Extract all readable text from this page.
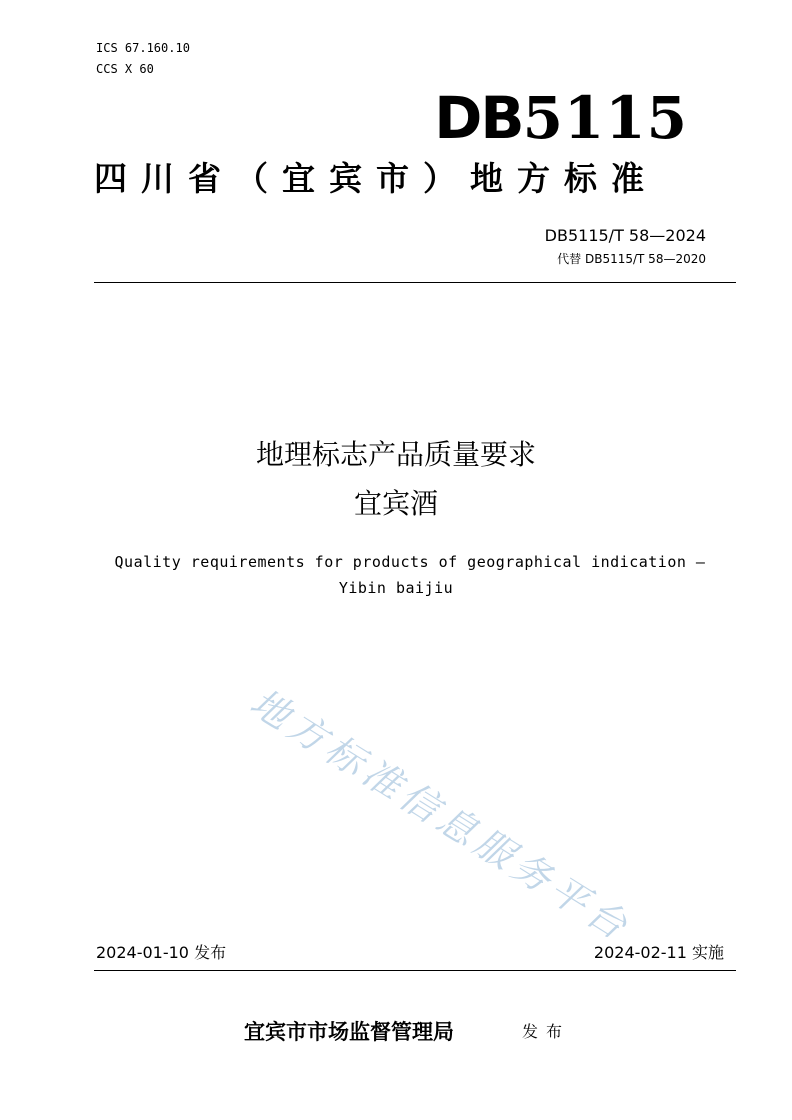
ICS 67.160.10
CCS X 60
DB5115
四川省（宜宾市）地方标准
DB5115/T 58—2024
代替 DB5115/T 58—2020
地理标志产品质量要求
宜宾酒
Quality requirements for products of geographical indication —
Yibin baijiu
地方标准信息服务平台
2024-01-10 发布	2024-02-11 实施
宜宾市市场监督管理局	发布
